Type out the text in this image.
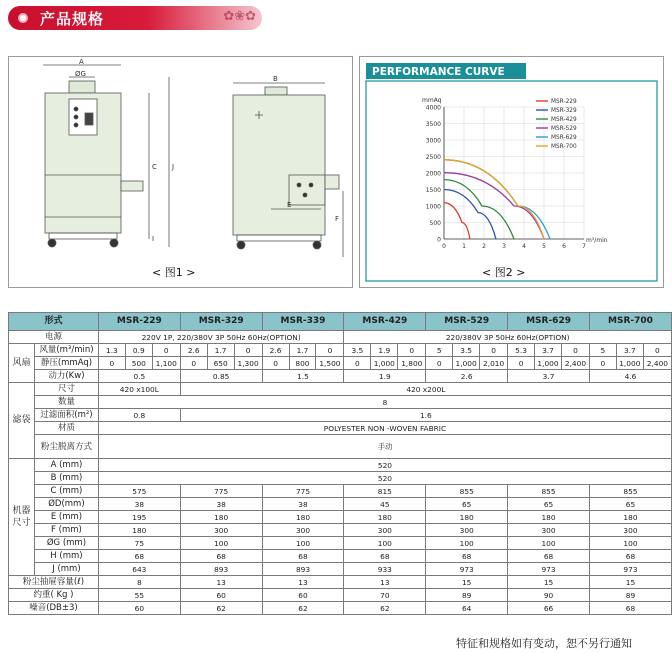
产品规格	✿❀✿
A
ØG
C J
I
B
E
F
< 图1 >
PERFORMANCE CURVE
0
500
1000
1500
2000
2500
3000
3500
4000
0	1	2	3	4	5	6	7
mmAq
m³/min
MSR-229
MSR-329
MSR-429
MSR-529
MSR-629
MSR-700
< 图2 >
形式		MSR-229			MSR-329			MSR-339			MSR-429			MSR-529			MSR-629			MSR-700		
电源		220V 1P, 220/380V 3P 50Hz 60Hz(OPTION)									220/380V 3P 50Hz 60Hz(OPTION)											
风扇	风量(m³/min)	1.3	0.9	0	2.6	1.7	0	2.6	1.7	0	3.5	1.9	0	5	3.5	0	5.3	3.7	0	5	3.7	0
	静压(mmAq)	0	500	1,100	0	650	1,300	0	800	1,500	0	1,000	1,800	0	1,000	2,010	0	1,000	2,400	0	1,000	2,400
	动力(Kw)	0.5			0.85			1.5			1.9			2.6			3.7			4.6		
滤袋	尺寸	420 x100L			420 x200L																	
	数量	8																				
	过滤面积(m²)	0.8			1.6																	
	材质	POLYESTER NON -WOVEN FABRIC																				
	粉尘脱离方式	手动																				
机器尺寸	A (mm)	520																				
	B (mm)	520																				
	C (mm)	575			775			775			815			855			855			855		
	ØD(mm)	38			38			38			45			65			65			65		
	E (mm)	195			180			180			180			180			180			180		
	F (mm)	180			300			300			300			300			300			300		
	ØG (mm)	75			100			100			100			100			100			100		
	H (mm)	68			68			68			68			68			68			68		
	J (mm)	643			893			893			933			973			973			973		
粉尘抽屉容量(ℓ)		8			13			13			13			15			15			15		
约重( Kg )		55			60			60			70			89			90			89		
噪音(DB±3)		60			62			62			62			64			66			68		
特征和规格如有变动，恕不另行通知
